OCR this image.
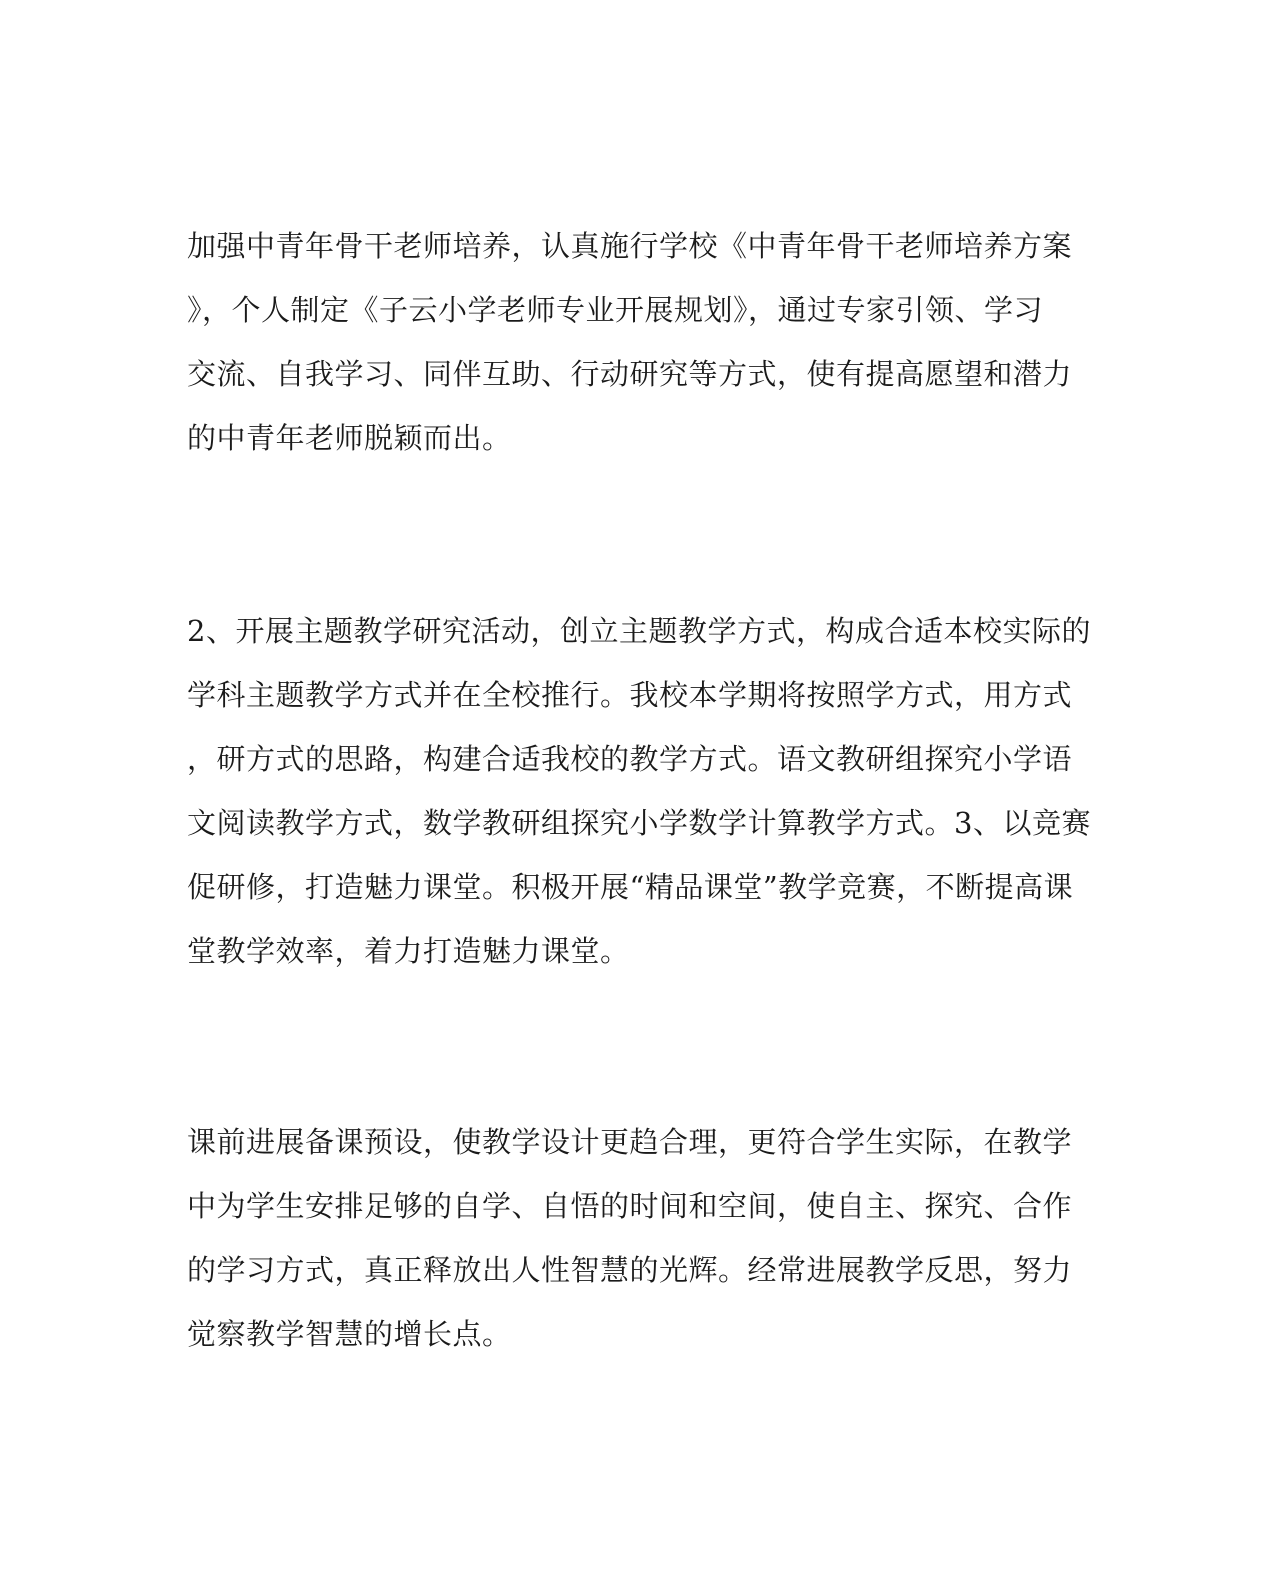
加强中青年骨干老师培养，认真施行学校《中青年骨干老师培养方案
》，个人制定《子云小学老师专业开展规划》，通过专家引领、学习
交流、自我学习、同伴互助、行动研究等方式，使有提高愿望和潜力
的中青年老师脱颖而出。
2、开展主题教学研究活动，创立主题教学方式，构成合适本校实际的
学科主题教学方式并在全校推行。我校本学期将按照学方式，用方式
，研方式的思路，构建合适我校的教学方式。语文教研组探究小学语
文阅读教学方式，数学教研组探究小学数学计算教学方式。3、以竞赛
促研修，打造魅力课堂。积极开展“精品课堂”教学竞赛，不断提高课
堂教学效率，着力打造魅力课堂。
课前进展备课预设，使教学设计更趋合理，更符合学生实际，在教学
中为学生安排足够的自学、自悟的时间和空间，使自主、探究、合作
的学习方式，真正释放出人性智慧的光辉。经常进展教学反思，努力
觉察教学智慧的增长点。
